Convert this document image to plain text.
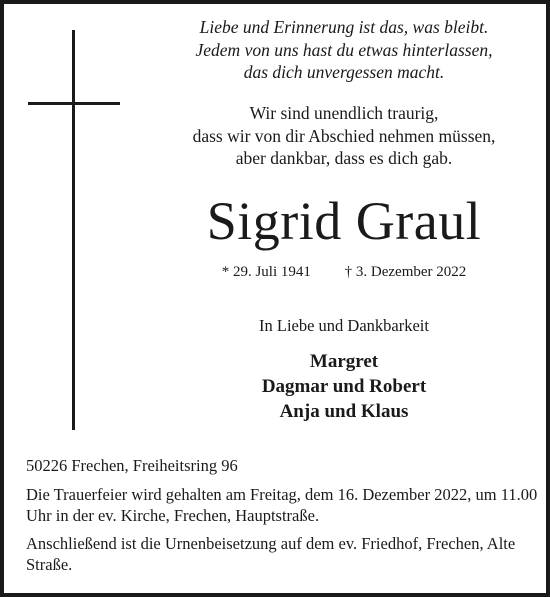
Liebe und Erinnerung ist das, was bleibt.
Jedem von uns hast du etwas hinterlassen,
das dich unvergessen macht.
Wir sind unendlich traurig,
dass wir von dir Abschied nehmen müssen,
aber dankbar, dass es dich gab.
Sigrid Graul
* 29. Juli 1941 † 3. Dezember 2022
In Liebe und Dankbarkeit
Margret
Dagmar und Robert
Anja und Klaus
50226 Frechen, Freiheitsring 96
Die Trauerfeier wird gehalten am Freitag, dem 16. Dezember 2022, um 11.00 Uhr in der ev. Kirche, Frechen, Hauptstraße.
Anschließend ist die Urnenbeisetzung auf dem ev. Friedhof, Frechen, Alte Straße.
